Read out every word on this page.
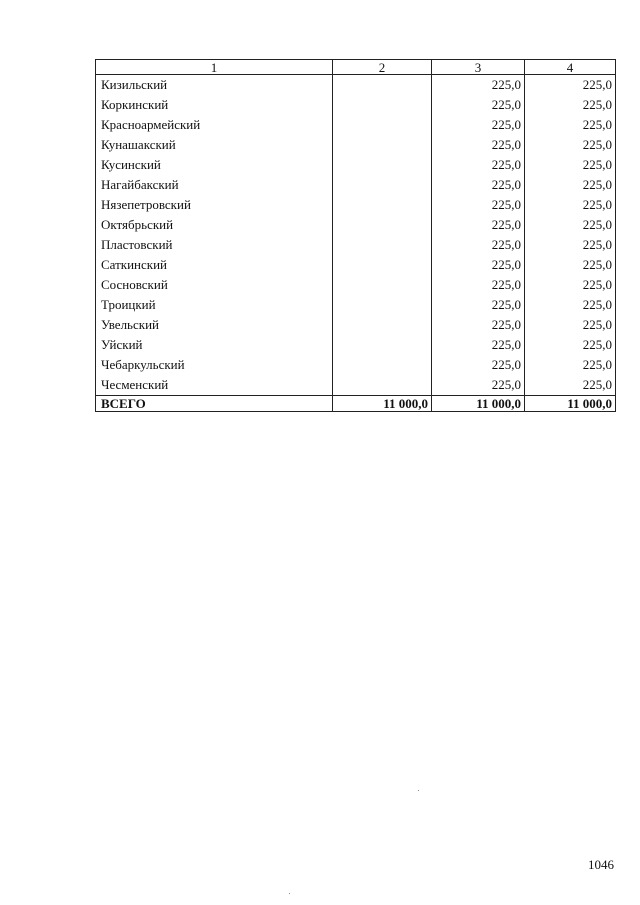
1	2	3	4
Кизильский		225,0	225,0
Коркинский		225,0	225,0
Красноармейский		225,0	225,0
Кунашакский		225,0	225,0
Кусинский		225,0	225,0
Нагайбакский		225,0	225,0
Нязепетровский		225,0	225,0
Октябрьский		225,0	225,0
Пластовский		225,0	225,0
Саткинский		225,0	225,0
Сосновский		225,0	225,0
Троицкий		225,0	225,0
Увельский		225,0	225,0
Уйский		225,0	225,0
Чебаркульский		225,0	225,0
Чесменский		225,0	225,0
ВСЕГО	11 000,0	11 000,0	11 000,0
1046
